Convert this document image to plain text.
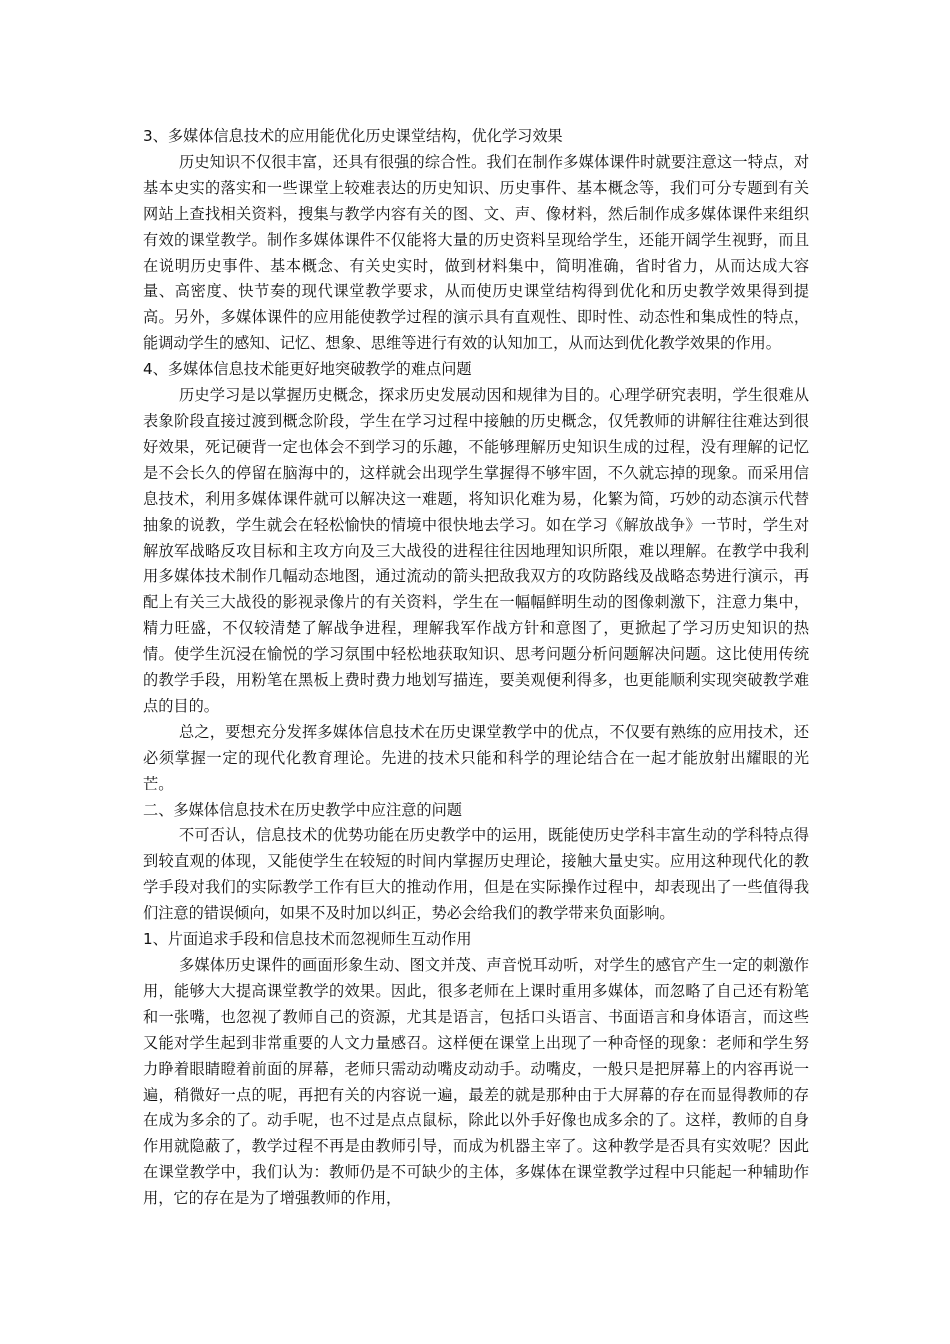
3、多媒体信息技术的应用能优化历史课堂结构，优化学习效果

历史知识不仅很丰富，还具有很强的综合性。我们在制作多媒体课件时就要注意这一特点，对基本史实的落实和一些课堂上较难表达的历史知识、历史事件、基本概念等，我们可分专题到有关网站上查找相关资料，搜集与教学内容有关的图、文、声、像材料，然后制作成多媒体课件来组织有效的课堂教学。制作多媒体课件不仅能将大量的历史资料呈现给学生，还能开阔学生视野，而且在说明历史事件、基本概念、有关史实时，做到材料集中，简明准确，省时省力，从而达成大容量、高密度、快节奏的现代课堂教学要求，从而使历史课堂结构得到优化和历史教学效果得到提高。另外，多媒体课件的应用能使教学过程的演示具有直观性、即时性、动态性和集成性的特点，能调动学生的感知、记忆、想象、思维等进行有效的认知加工，从而达到优化教学效果的作用。

4、多媒体信息技术能更好地突破教学的难点问题

历史学习是以掌握历史概念，探求历史发展动因和规律为目的。心理学研究表明，学生很难从表象阶段直接过渡到概念阶段，学生在学习过程中接触的历史概念，仅凭教师的讲解往往难达到很好效果，死记硬背一定也体会不到学习的乐趣，不能够理解历史知识生成的过程，没有理解的记忆是不会长久的停留在脑海中的，这样就会出现学生掌握得不够牢固，不久就忘掉的现象。而采用信息技术，利用多媒体课件就可以解决这一难题，将知识化难为易，化繁为简，巧妙的动态演示代替抽象的说教，学生就会在轻松愉快的情境中很快地去学习。如在学习《解放战争》一节时，学生对解放军战略反攻目标和主攻方向及三大战役的进程往往因地理知识所限，难以理解。在教学中我利用多媒体技术制作几幅动态地图，通过流动的箭头把敌我双方的攻防路线及战略态势进行演示，再配上有关三大战役的影视录像片的有关资料，学生在一幅幅鲜明生动的图像刺激下，注意力集中，精力旺盛，不仅较清楚了解战争进程，理解我军作战方针和意图了，更掀起了学习历史知识的热情。使学生沉浸在愉悦的学习氛围中轻松地获取知识、思考问题分析问题解决问题。这比使用传统的教学手段，用粉笔在黑板上费时费力地划写描连，要美观便利得多，也更能顺利实现突破教学难点的目的。

总之，要想充分发挥多媒体信息技术在历史课堂教学中的优点，不仅要有熟练的应用技术，还必须掌握一定的现代化教育理论。先进的技术只能和科学的理论结合在一起才能放射出耀眼的光芒。

二、多媒体信息技术在历史教学中应注意的问题

不可否认，信息技术的优势功能在历史教学中的运用，既能使历史学科丰富生动的学科特点得到较直观的体现，又能使学生在较短的时间内掌握历史理论，接触大量史实。应用这种现代化的教学手段对我们的实际教学工作有巨大的推动作用，但是在实际操作过程中，却表现出了一些值得我们注意的错误倾向，如果不及时加以纠正，势必会给我们的教学带来负面影响。

1、片面追求手段和信息技术而忽视师生互动作用

多媒体历史课件的画面形象生动、图文并茂、声音悦耳动听，对学生的感官产生一定的刺激作用，能够大大提高课堂教学的效果。因此，很多老师在上课时重用多媒体，而忽略了自己还有粉笔和一张嘴，也忽视了教师自己的资源，尤其是语言，包括口头语言、书面语言和身体语言，而这些又能对学生起到非常重要的人文力量感召。这样便在课堂上出现了一种奇怪的现象：老师和学生努力睁着眼睛瞪着前面的屏幕，老师只需动动嘴皮动动手。动嘴皮，一般只是把屏幕上的内容再说一遍，稍微好一点的呢，再把有关的内容说一遍，最差的就是那种由于大屏幕的存在而显得教师的存在成为多余的了。动手呢，也不过是点点鼠标，除此以外手好像也成多余的了。这样，教师的自身作用就隐蔽了，教学过程不再是由教师引导，而成为机器主宰了。这种教学是否具有实效呢？因此在课堂教学中，我们认为：教师仍是不可缺少的主体，多媒体在课堂教学过程中只能起一种辅助作用，它的存在是为了增强教师的作用，
